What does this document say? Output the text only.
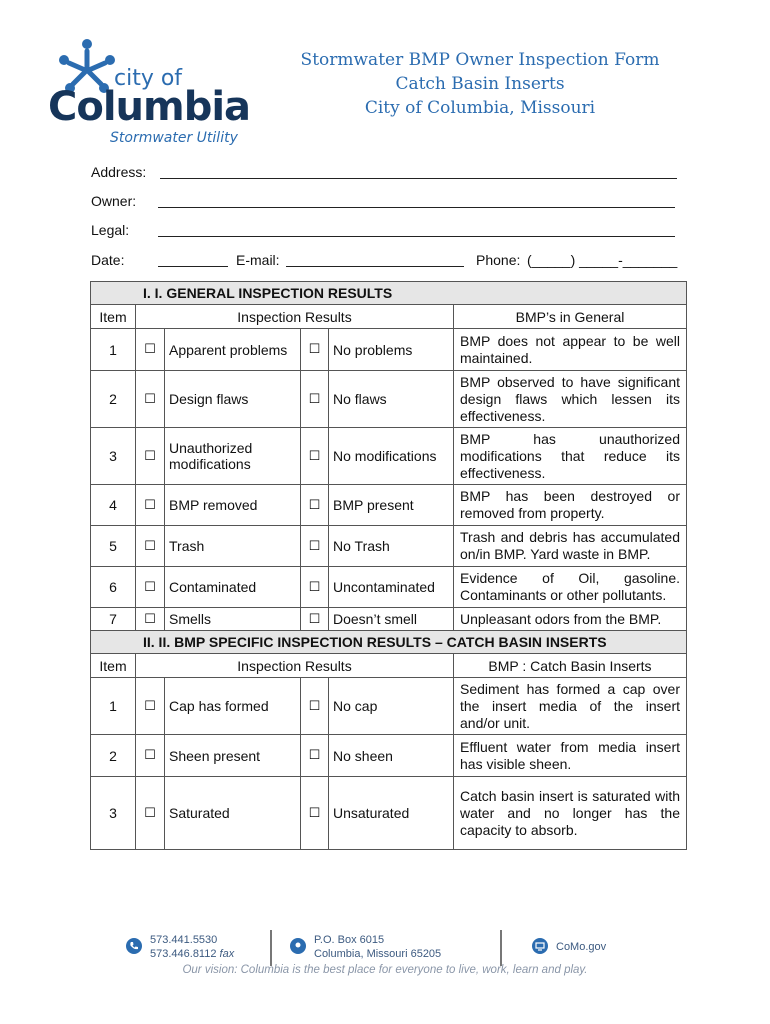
city of
Columbia
Stormwater Utility
Stormwater BMP Owner Inspection Form
Catch Basin Inserts
City of Columbia, Missouri
Address:
Owner:
Legal:
Date:	E-mail:	Phone: (_____) _____-_______
I. I. GENERAL INSPECTION RESULTS					
Item	Inspection Results				BMP’s in General
1	☐	Apparent problems	☐	No problems	BMP does not appear to be well maintained.
2	☐	Design flaws	☐	No flaws	BMP observed to have significant design flaws which lessen its effectiveness.
3	☐	Unauthorized modifications	☐	No modifications	BMP has unauthorized modifications that reduce its effectiveness.
4	☐	BMP removed	☐	BMP present	BMP has been destroyed or removed from property.
5	☐	Trash	☐	No Trash	Trash and debris has accumulated on/in BMP. Yard waste in BMP.
6	☐	Contaminated	☐	Uncontaminated	Evidence of Oil, gasoline. Contaminants or other pollutants.
7	☐	Smells	☐	Doesn’t smell	Unpleasant odors from the BMP.
II. II. BMP SPECIFIC INSPECTION RESULTS – CATCH BASIN INSERTS					
Item	Inspection Results				BMP : Catch Basin Inserts
1	☐	Cap has formed	☐	No cap	Sediment has formed a cap over the insert media of the insert and/or unit.
2	☐	Sheen present	☐	No sheen	Effluent water from media insert has visible sheen.
3	☐	Saturated	☐	Unsaturated	Catch basin insert is saturated with water and no longer has the capacity to absorb.
573.441.5530
573.446.8112 fax
P.O. Box 6015
Columbia, Missouri 65205
CoMo.gov
Our vision: Columbia is the best place for everyone to live, work, learn and play.
